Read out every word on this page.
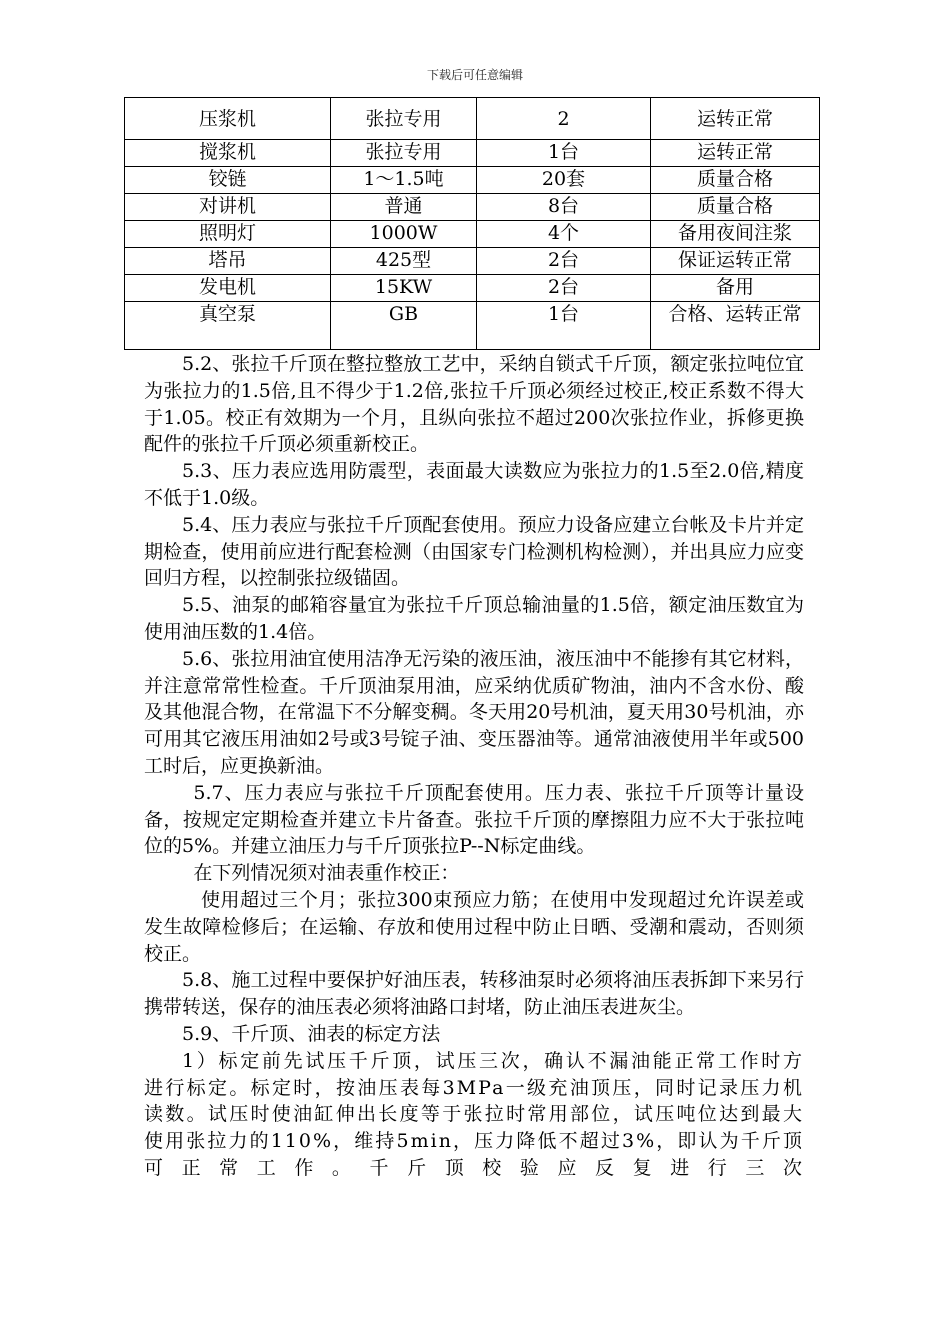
下载后可任意编辑
压浆机	张拉专用	2	运转正常
搅浆机	张拉专用	1台	运转正常
铰链	1～1.5吨	20套	质量合格
对讲机	普通	8台	质量合格
照明灯	1000W	4个	备用夜间注浆
塔吊	425型	2台	保证运转正常
发电机	15KW	2台	备用
真空泵	GB	1台	合格、运转正常

5.2、张拉千斤顶在整拉整放工艺中，采纳自锁式千斤顶，额定张拉吨位宜为张拉力的1.5倍,且不得少于1.2倍,张拉千斤顶必须经过校正,校正系数不得大于1.05。校正有效期为一个月，且纵向张拉不超过200次张拉作业，拆修更换配件的张拉千斤顶必须重新校正。

5.3、压力表应选用防震型，表面最大读数应为张拉力的1.5至2.0倍,精度不低于1.0级。

5.4、压力表应与张拉千斤顶配套使用。预应力设备应建立台帐及卡片并定期检查，使用前应进行配套检测（由国家专门检测机构检测），并出具应力应变回归方程，以控制张拉级锚固。

5.5、油泵的邮箱容量宜为张拉千斤顶总输油量的1.5倍，额定油压数宜为使用油压数的1.4倍。

5.6、张拉用油宜使用洁净无污染的液压油，液压油中不能掺有其它材料，并注意常常性检查。千斤顶油泵用油，应采纳优质矿物油，油内不含水份、酸及其他混合物，在常温下不分解变稠。冬天用20号机油，夏天用30号机油，亦可用其它液压用油如2号或3号锭子油、变压器油等。通常油液使用半年或500工时后，应更换新油。

5.7、压力表应与张拉千斤顶配套使用。压力表、张拉千斤顶等计量设备，按规定定期检查并建立卡片备查。张拉千斤顶的摩擦阻力应不大于张拉吨位的5%。并建立油压力与千斤顶张拉P--N标定曲线。

在下列情况须对油表重作校正：

使用超过三个月；张拉300束预应力筋；在使用中发现超过允许误差或发生故障检修后；在运输、存放和使用过程中防止日晒、受潮和震动，否则须校正。

5.8、施工过程中要保护好油压表，转移油泵时必须将油压表拆卸下来另行携带转送，保存的油压表必须将油路口封堵，防止油压表进灰尘。

5.9、千斤顶、油表的标定方法

1）标定前先试压千斤顶，试压三次，确认不漏油能正常工作时方进行标定。标定时，按油压表每3MPa一级充油顶压，同时记录压力机读数。试压时使油缸伸出长度等于张拉时常用部位，试压吨位达到最大使用张拉力的110%，维持5min，压力降低不超过3%，即认为千斤顶可正常工作。千斤顶校验应反复进行三次
